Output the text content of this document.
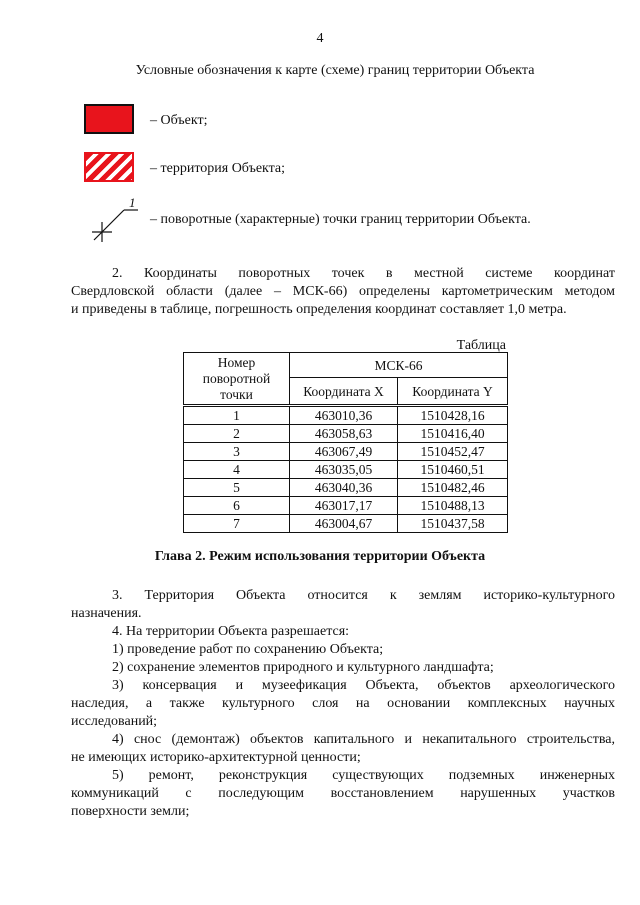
4
Условные обозначения к карте (схеме) границ территории Объекта
– Объект;
– территория Объекта;
1
– поворотные (характерные) точки границ территории Объекта.
2. Координаты поворотных точек в местной системе координат
Свердловской области (далее – МСК-66) определены картометрическим методом
и приведены в таблице, погрешность определения координат составляет 1,0 метра.
Таблица
Номер
поворотной
точки	МСК-66	
	Координата X	Координата Y
1	463010,36	1510428,16
2	463058,63	1510416,40
3	463067,49	1510452,47
4	463035,05	1510460,51
5	463040,36	1510482,46
6	463017,17	1510488,13
7	463004,67	1510437,58
Глава 2. Режим использования территории Объекта
3. Территория Объекта относится к землям историко-культурного
назначения.
4. На территории Объекта разрешается:
1) проведение работ по сохранению Объекта;
2) сохранение элементов природного и культурного ландшафта;
3) консервация и музеефикация Объекта, объектов археологического
наследия, а также культурного слоя на основании комплексных научных
исследований;
4) снос (демонтаж) объектов капитального и некапитального строительства,
не имеющих историко-архитектурной ценности;
5) ремонт, реконструкция существующих подземных инженерных
коммуникаций с последующим восстановлением нарушенных участков
поверхности земли;
